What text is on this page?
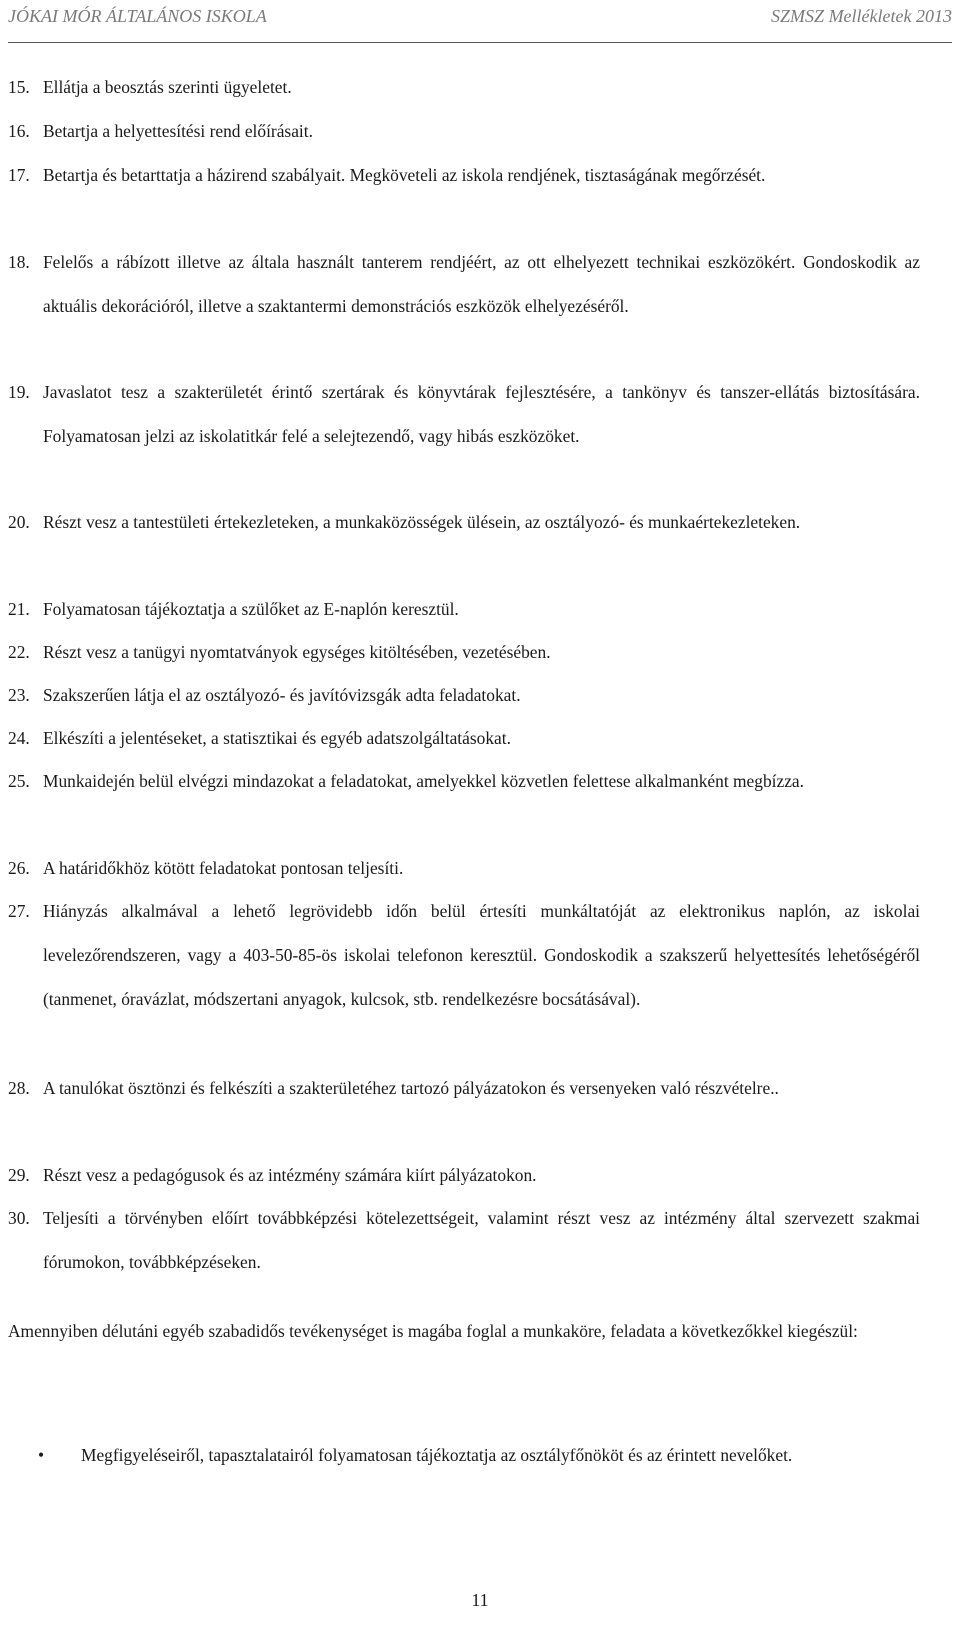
JÓKAI MÓR ÁLTALÁNOS ISKOLA	SZMSZ Mellékletek 2013
15. Ellátja a beosztás szerinti ügyeletet.
16. Betartja a helyettesítési rend előírásait.
17. Betartja és betarttatja a házirend szabályait. Megköveteli az iskola rendjének, tisztaságának megőrzését.
18. Felelős a rábízott illetve az általa használt tanterem rendjéért, az ott elhelyezett technikai eszközökért. Gondoskodik az aktuális dekorációról, illetve a szaktantermi demonstrációs eszközök elhelyezéséről.
19. Javaslatot tesz a szakterületét érintő szertárak és könyvtárak fejlesztésére, a tankönyv és tanszer-ellátás biztosítására. Folyamatosan jelzi az iskolatitkár felé a selejtezendő, vagy hibás eszközöket.
20. Részt vesz a tantestületi értekezleteken, a munkaközösségek ülésein, az osztályozó- és munkaértekezleteken.
21. Folyamatosan tájékoztatja a szülőket az E-naplón keresztül.
22. Részt vesz a tanügyi nyomtatványok egységes kitöltésében, vezetésében.
23. Szakszerűen látja el az osztályozó- és javítóvizsgák adta feladatokat.
24. Elkészíti a jelentéseket, a statisztikai és egyéb adatszolgáltatásokat.
25. Munkaidején belül elvégzi mindazokat a feladatokat, amelyekkel közvetlen felettese alkalmanként megbízza.
26. A határidőkhöz kötött feladatokat pontosan teljesíti.
27. Hiányzás alkalmával a lehető legrövidebb időn belül értesíti munkáltatóját az elektronikus naplón, az iskolai levelezőrendszeren, vagy a 403-50-85-ös iskolai telefonon keresztül. Gondoskodik a szakszerű helyettesítés lehetőségéről (tanmenet, óravázlat, módszertani anyagok, kulcsok, stb. rendelkezésre bocsátásával).
28. A tanulókat ösztönzi és felkészíti a szakterületéhez tartozó pályázatokon és versenyeken való részvételre..
29. Részt vesz a pedagógusok és az intézmény számára kiírt pályázatokon.
30. Teljesíti a törvényben előírt továbbképzési kötelezettségeit, valamint részt vesz az intézmény által szervezett szakmai fórumokon, továbbképzéseken.
Amennyiben délutáni egyéb szabadidős tevékenységet is magába foglal a munkaköre, feladata a következőkkel kiegészül:
• Megfigyeléseiről, tapasztalatairól folyamatosan tájékoztatja az osztályfőnököt és az érintett nevelőket.
11
